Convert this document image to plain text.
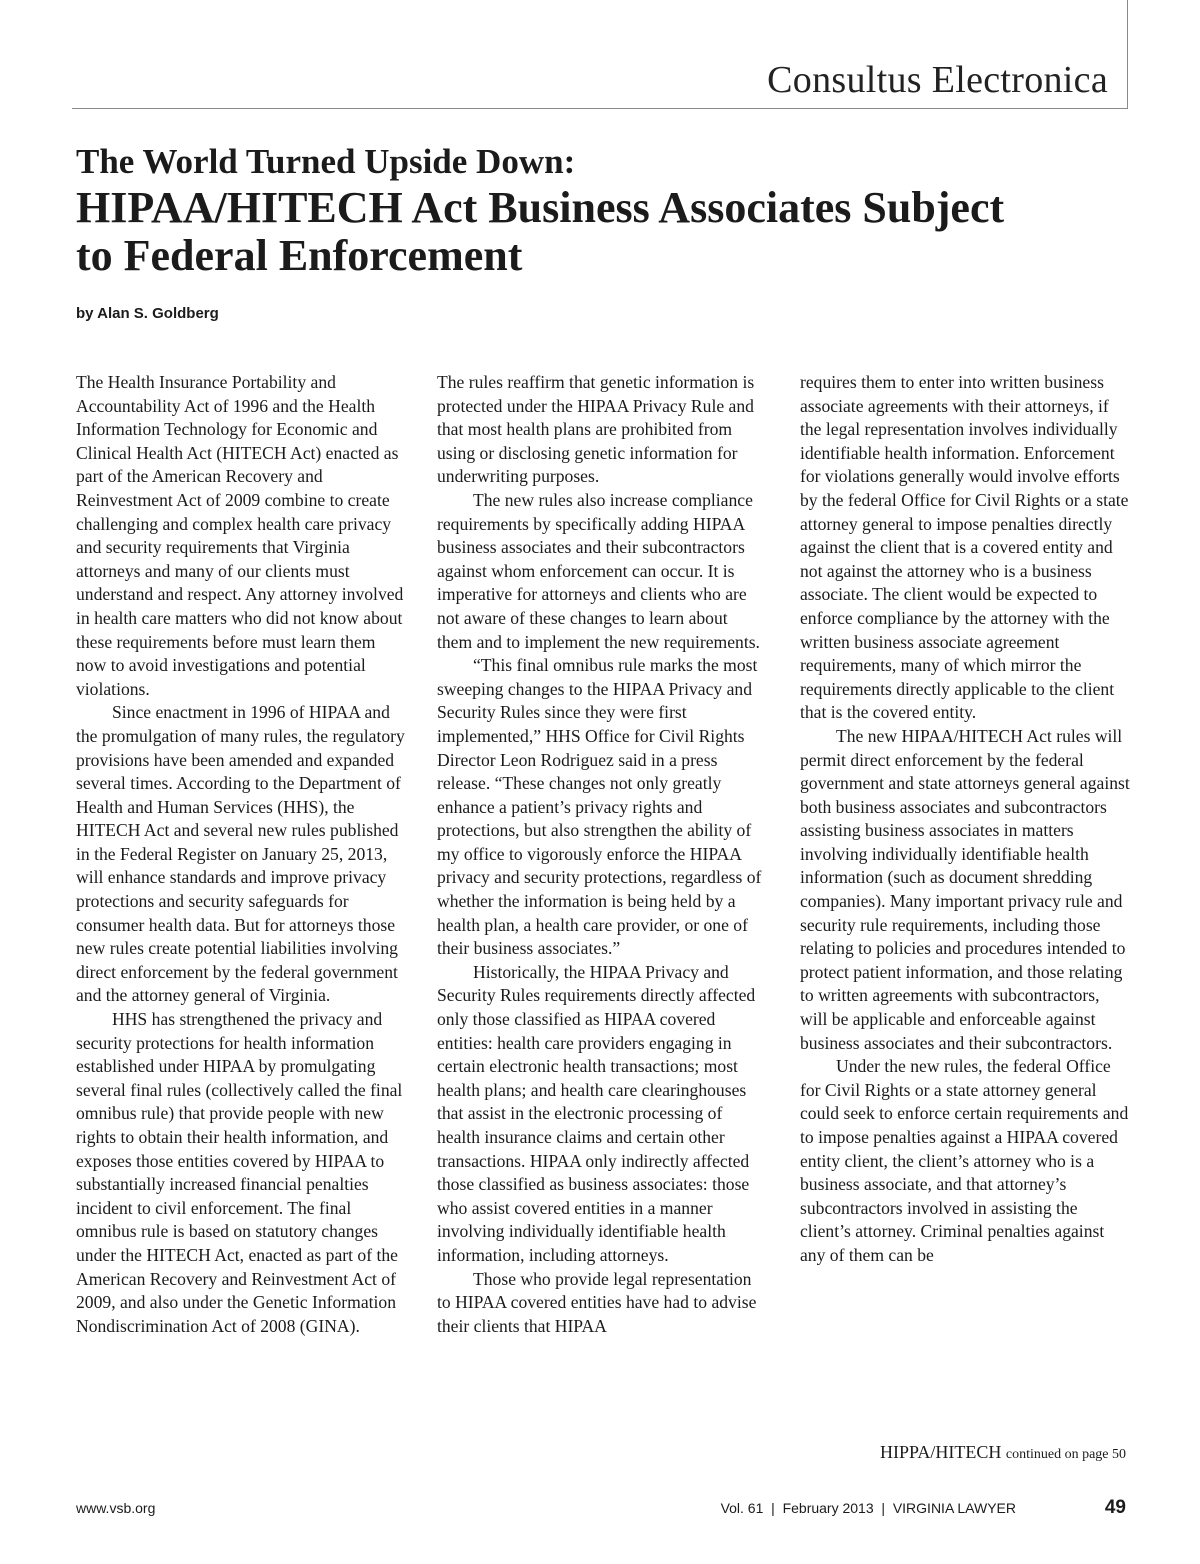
Consultus Electronica
The World Turned Upside Down:
HIPAA/HITECH Act Business Associates Subject
to Federal Enforcement
by Alan S. Goldberg

The Health Insurance Portability and Accountability Act of 1996 and the Health Information Technology for Economic and Clinical Health Act (HITECH Act) enacted as part of the American Recovery and Reinvestment Act of 2009 combine to create challenging and complex health care privacy and security requirements that Virginia attorneys and many of our clients must understand and respect. Any attorney involved in health care matters who did not know about these requirements before must learn them now to avoid investigations and potential violations.

Since enactment in 1996 of HIPAA and the promulgation of many rules, the regulatory provisions have been amended and expanded several times. According to the Department of Health and Human Services (HHS), the HITECH Act and several new rules published in the Federal Register on January 25, 2013, will enhance standards and improve privacy protections and security safeguards for consumer health data. But for attorneys those new rules create potential liabilities involving direct enforcement by the federal government and the attorney general of Virginia.

HHS has strengthened the privacy and security protections for health information established under HIPAA by promulgating several final rules (collectively called the final omnibus rule) that provide people with new rights to obtain their health information, and exposes those entities covered by HIPAA to substantially increased financial penalties incident to civil enforcement. The final omnibus rule is based on statutory changes under the HITECH Act, enacted as part of the American Recovery and Reinvestment Act of 2009, and also under the Genetic Information Nondiscrimination Act of 2008 (GINA).

The rules reaffirm that genetic information is protected under the HIPAA Privacy Rule and that most health plans are prohibited from using or disclosing genetic information for underwriting purposes.

The new rules also increase compliance requirements by specifically adding HIPAA business associates and their subcontractors against whom enforcement can occur. It is imperative for attorneys and clients who are not aware of these changes to learn about them and to implement the new requirements.

“This final omnibus rule marks the most sweeping changes to the HIPAA Privacy and Security Rules since they were first implemented,” HHS Office for Civil Rights Director Leon Rodriguez said in a press release. “These changes not only greatly enhance a patient’s privacy rights and protections, but also strengthen the ability of my office to vigorously enforce the HIPAA privacy and security protections, regardless of whether the information is being held by a health plan, a health care provider, or one of their business associates.”

Historically, the HIPAA Privacy and Security Rules requirements directly affected only those classified as HIPAA covered entities: health care providers engaging in certain electronic health transactions; most health plans; and health care clearinghouses that assist in the electronic processing of health insurance claims and certain other transactions. HIPAA only indirectly affected those classified as business associates: those who assist covered entities in a manner involving individually identifiable health information, including attorneys.

Those who provide legal representation to HIPAA covered entities have had to advise their clients that HIPAA

requires them to enter into written business associate agreements with their attorneys, if the legal representation involves individually identifiable health information. Enforcement for violations generally would involve efforts by the federal Office for Civil Rights or a state attorney general to impose penalties directly against the client that is a covered entity and not against the attorney who is a business associate. The client would be expected to enforce compliance by the attorney with the written business associate agreement requirements, many of which mirror the requirements directly applicable to the client that is the covered entity.

The new HIPAA/HITECH Act rules will permit direct enforcement by the federal government and state attorneys general against both business associates and subcontractors assisting business associates in matters involving individually identifiable health information (such as document shredding companies). Many important privacy rule and security rule requirements, including those relating to policies and procedures intended to protect patient information, and those relating to written agreements with subcontractors, will be applicable and enforceable against business associates and their subcontractors.

Under the new rules, the federal Office for Civil Rights or a state attorney general could seek to enforce certain requirements and to impose penalties against a HIPAA covered entity client, the client’s attorney who is a business associate, and that attorney’s subcontractors involved in assisting the client’s attorney. Criminal penalties against any of them can be

HIPPA/HITECH continued on page 50
www.vsb.org	Vol. 61  |  February 2013  |  VIRGINIA LAWYER	49
